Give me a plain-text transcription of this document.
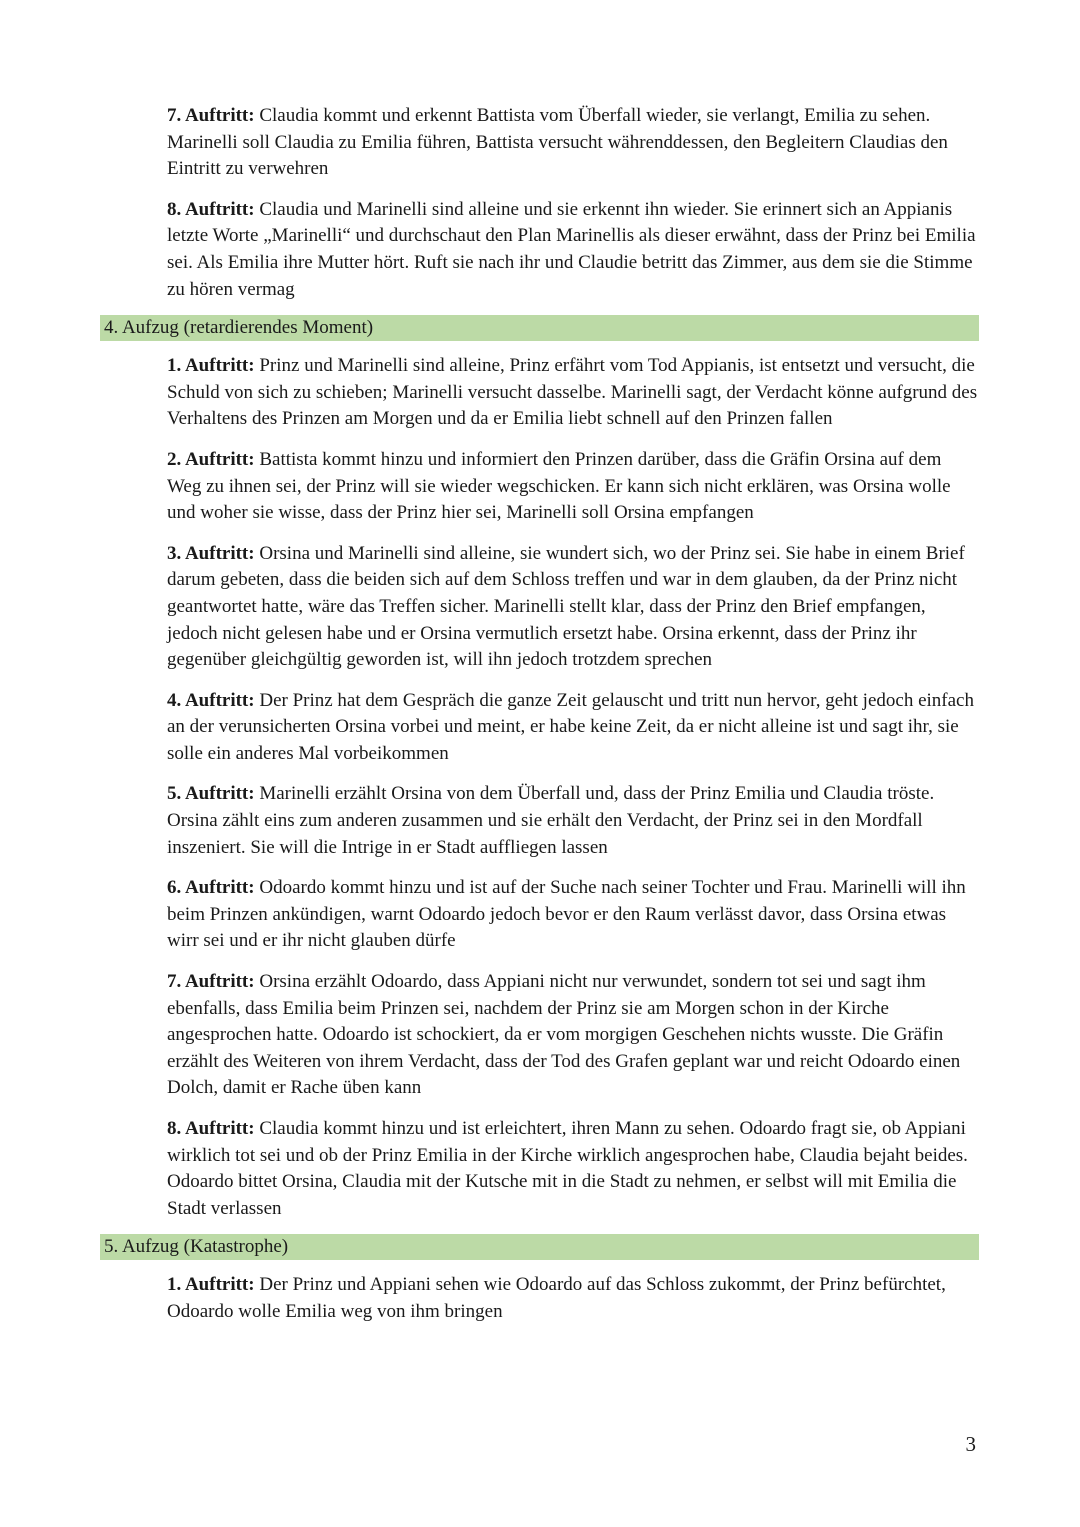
7. Auftritt: Claudia kommt und erkennt Battista vom Überfall wieder, sie verlangt, Emilia zu sehen. Marinelli soll Claudia zu Emilia führen, Battista versucht währenddessen, den Begleitern Claudias den Eintritt zu verwehren
8. Auftritt: Claudia und Marinelli sind alleine und sie erkennt ihn wieder. Sie erinnert sich an Appianis letzte Worte „Marinelli“ und durchschaut den Plan Marinellis als dieser erwähnt, dass der Prinz bei Emilia sei. Als Emilia ihre Mutter hört. Ruft sie nach ihr und Claudie betritt das Zimmer, aus dem sie die Stimme zu hören vermag
4. Aufzug (retardierendes Moment)
1. Auftritt: Prinz und Marinelli sind alleine, Prinz erfährt vom Tod Appianis, ist entsetzt und versucht, die Schuld von sich zu schieben; Marinelli versucht dasselbe. Marinelli sagt, der Verdacht könne aufgrund des Verhaltens des Prinzen am Morgen und da er Emilia liebt schnell auf den Prinzen fallen
2. Auftritt: Battista kommt hinzu und informiert den Prinzen darüber, dass die Gräfin Orsina auf dem Weg zu ihnen sei, der Prinz will sie wieder wegschicken. Er kann sich nicht erklären, was Orsina wolle und woher sie wisse, dass der Prinz hier sei, Marinelli soll Orsina empfangen
3. Auftritt: Orsina und Marinelli sind alleine, sie wundert sich, wo der Prinz sei. Sie habe in einem Brief darum gebeten, dass die beiden sich auf dem Schloss treffen und war in dem glauben, da der Prinz nicht geantwortet hatte, wäre das Treffen sicher. Marinelli stellt klar, dass der Prinz den Brief empfangen, jedoch nicht gelesen habe und er Orsina vermutlich ersetzt habe. Orsina erkennt, dass der Prinz ihr gegenüber gleichgültig geworden ist, will ihn jedoch trotzdem sprechen
4. Auftritt: Der Prinz hat dem Gespräch die ganze Zeit gelauscht und tritt nun hervor, geht jedoch einfach an der verunsicherten Orsina vorbei und meint, er habe keine Zeit, da er nicht alleine ist und sagt ihr, sie solle ein anderes Mal vorbeikommen
5. Auftritt: Marinelli erzählt Orsina von dem Überfall und, dass der Prinz Emilia und Claudia tröste. Orsina zählt eins zum anderen zusammen und sie erhält den Verdacht, der Prinz sei in den Mordfall inszeniert. Sie will die Intrige in er Stadt auffliegen lassen
6. Auftritt: Odoardo kommt hinzu und ist auf der Suche nach seiner Tochter und Frau. Marinelli will ihn beim Prinzen ankündigen, warnt Odoardo jedoch bevor er den Raum verlässt davor, dass Orsina etwas wirr sei und er ihr nicht glauben dürfe
7. Auftritt: Orsina erzählt Odoardo, dass Appiani nicht nur verwundet, sondern tot sei und sagt ihm ebenfalls, dass Emilia beim Prinzen sei, nachdem der Prinz sie am Morgen schon in der Kirche angesprochen hatte. Odoardo ist schockiert, da er vom morgigen Geschehen nichts wusste. Die Gräfin erzählt des Weiteren von ihrem Verdacht, dass der Tod des Grafen geplant war und reicht Odoardo einen Dolch, damit er Rache üben kann
8. Auftritt: Claudia kommt hinzu und ist erleichtert, ihren Mann zu sehen. Odoardo fragt sie, ob Appiani wirklich tot sei und ob der Prinz Emilia in der Kirche wirklich angesprochen habe, Claudia bejaht beides. Odoardo bittet Orsina, Claudia mit der Kutsche mit in die Stadt zu nehmen, er selbst will mit Emilia die Stadt verlassen
5. Aufzug (Katastrophe)
1. Auftritt: Der Prinz und Appiani sehen wie Odoardo auf das Schloss zukommt, der Prinz befürchtet, Odoardo wolle Emilia weg von ihm bringen
3
